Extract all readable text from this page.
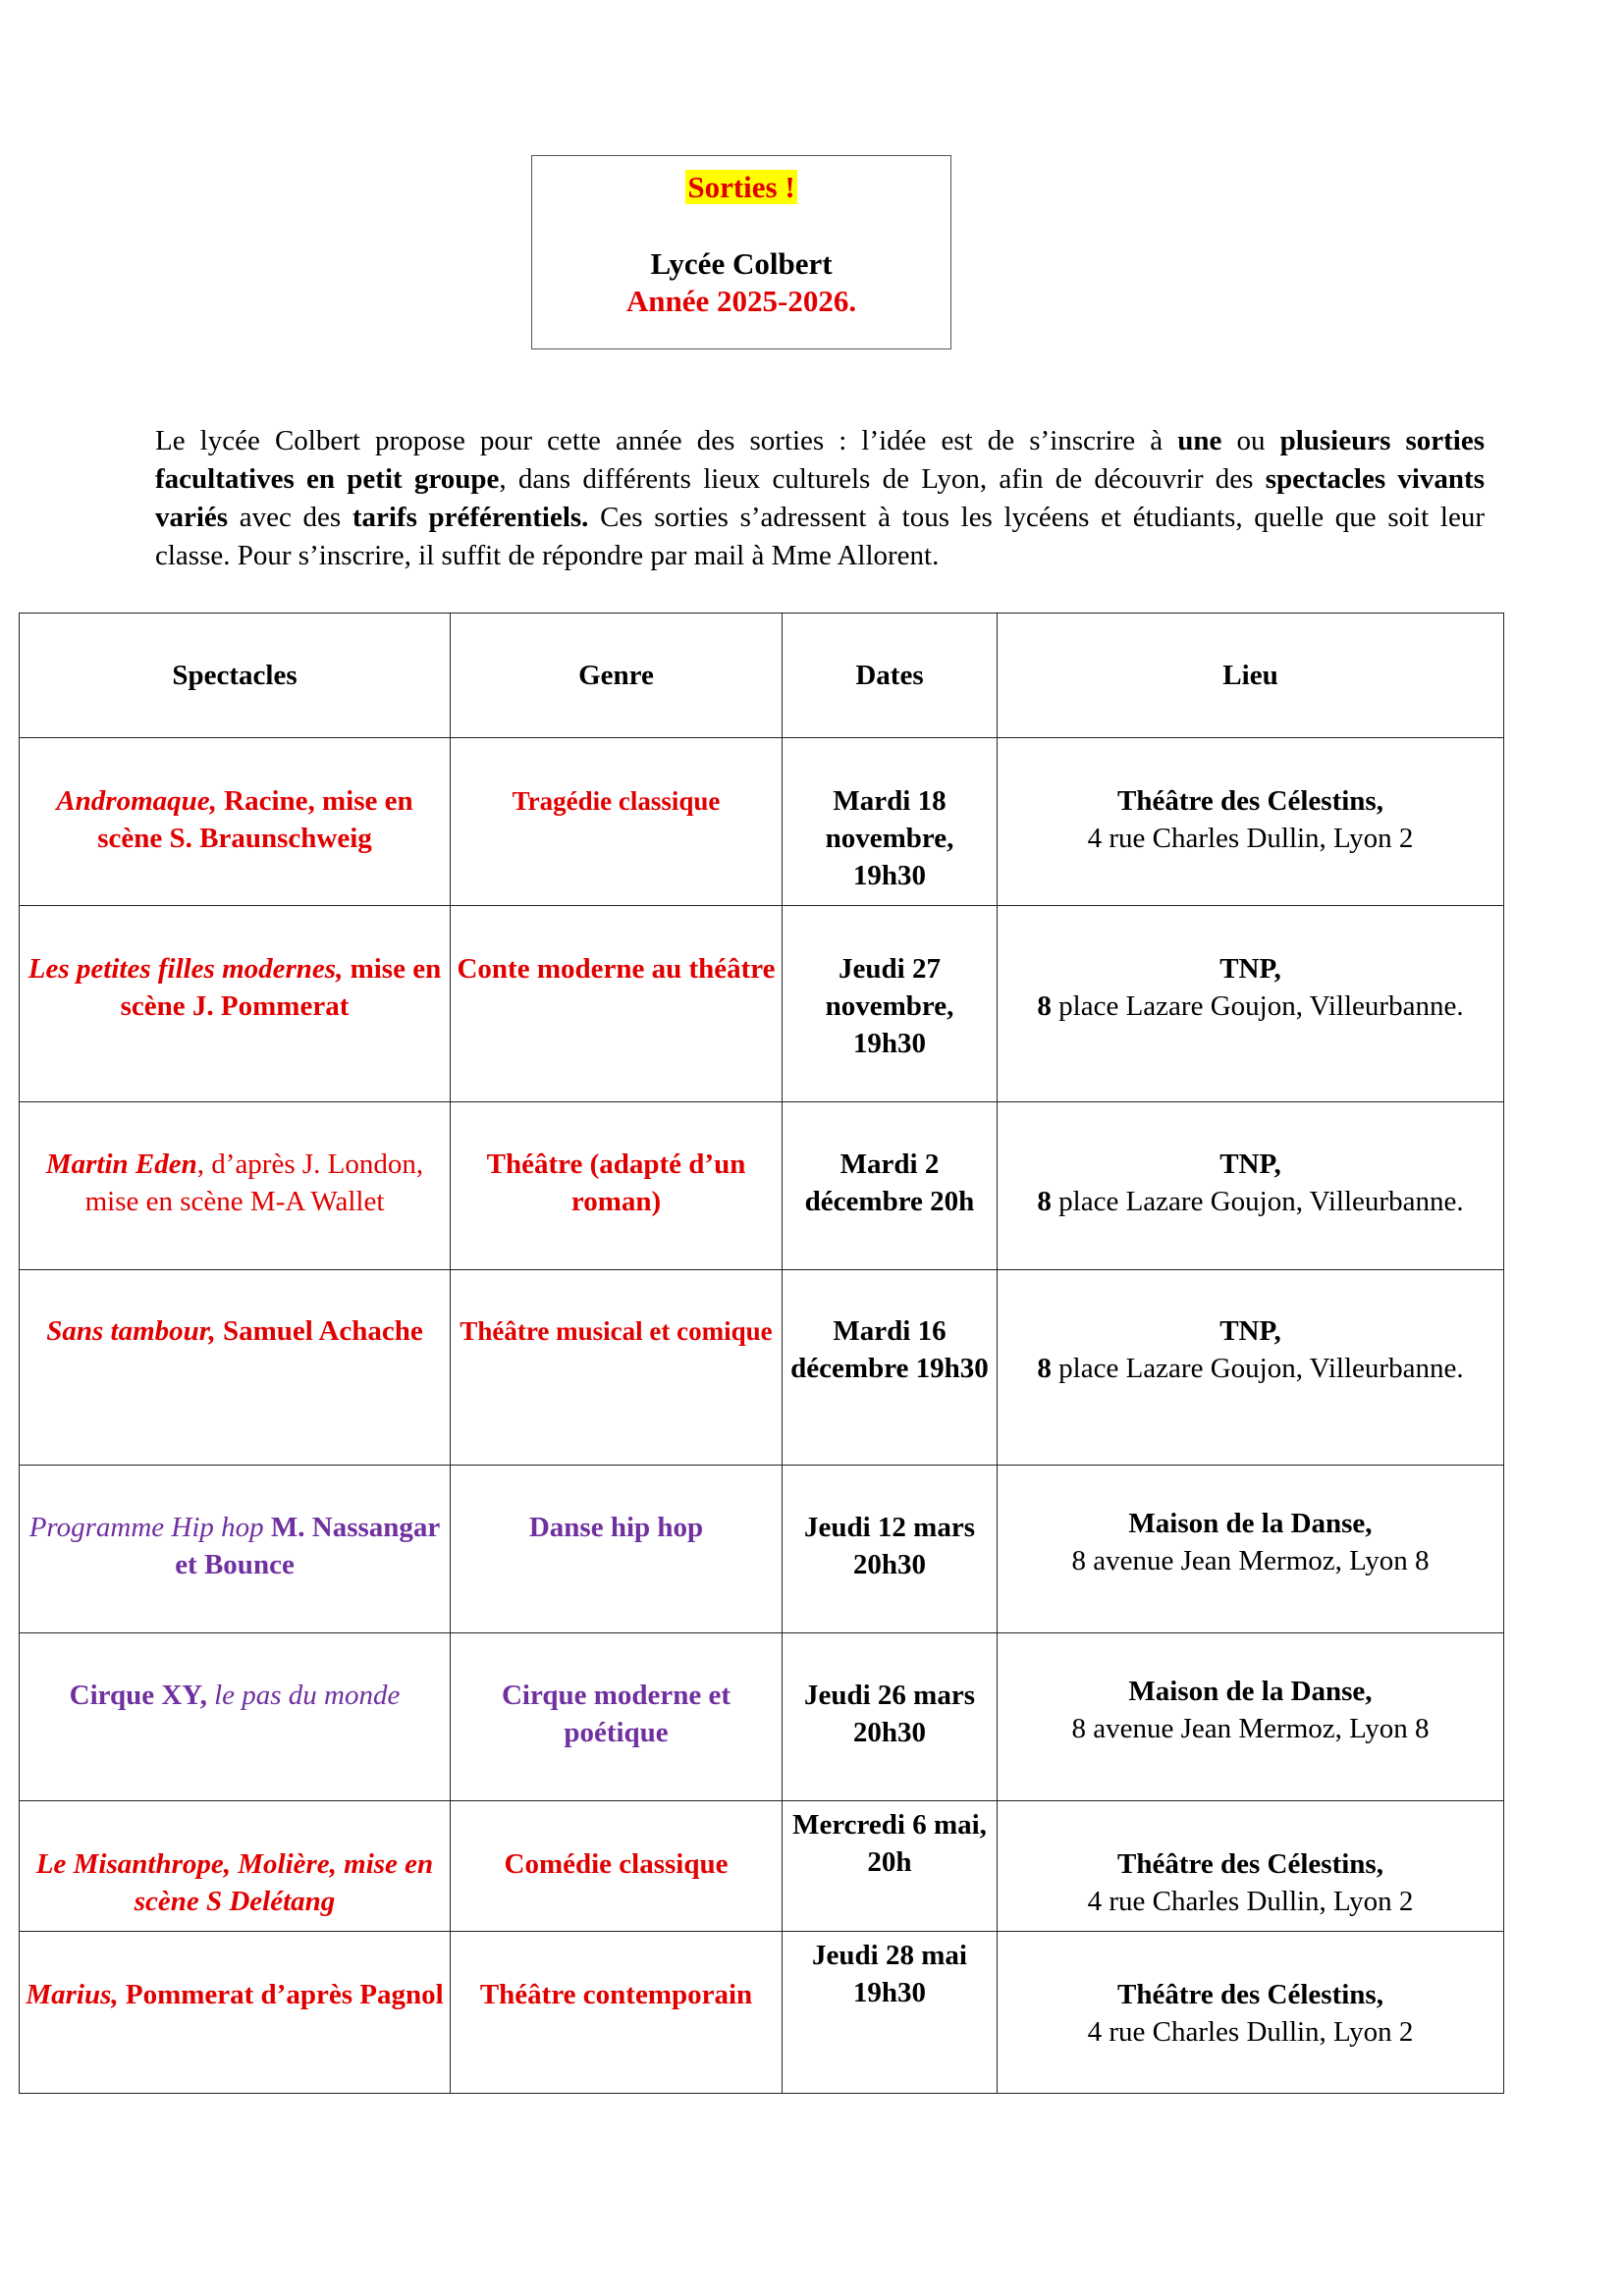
Sorties !
Lycée Colbert
Année 2025-2026.
Le lycée Colbert propose pour cette année des sorties : l’idée est de s’inscrire à une ou plusieurs sorties facultatives en petit groupe, dans différents lieux culturels de Lyon, afin de découvrir des spectacles vivants variés avec des tarifs préférentiels. Ces sorties s’adressent à tous les lycéens et étudiants, quelle que soit leur classe. Pour s’inscrire, il suffit de répondre par mail à Mme Allorent.
Spectacles	Genre	Dates	Lieu
Andromaque, Racine, mise en scène S. Braunschweig	Tragédie classique	Mardi 18 novembre, 19h30	Théâtre des Célestins,
4 rue Charles Dullin, Lyon 2

Les petites filles modernes, mise en scène J. Pommerat	Conte moderne au théâtre	Jeudi 27 novembre, 19h30	TNP,
8 place Lazare Goujon, Villeurbanne.

Martin Eden, d’après J. London, mise en scène M-A Wallet	Théâtre (adapté d’un roman)	Mardi 2 décembre 20h	TNP,
8 place Lazare Goujon, Villeurbanne.

Sans tambour, Samuel Achache	Théâtre musical et comique	Mardi 16 décembre 19h30	TNP,
8 place Lazare Goujon, Villeurbanne.

Programme Hip hop M. Nassangar et Bounce	Danse hip hop	Jeudi 12 mars 20h30	Maison de la Danse,
8 avenue Jean Mermoz, Lyon 8

Cirque XY, le pas du monde	Cirque moderne et poétique	Jeudi 26 mars 20h30	Maison de la Danse,
8 avenue Jean Mermoz, Lyon 8

Le Misanthrope, Molière, mise en scène S Delétang	Comédie classique	Mercredi 6 mai, 20h	Théâtre des Célestins,
4 rue Charles Dullin, Lyon 2

Marius, Pommerat d’après Pagnol	Théâtre contemporain	Jeudi 28 mai 19h30	Théâtre des Célestins,
4 rue Charles Dullin, Lyon 2
